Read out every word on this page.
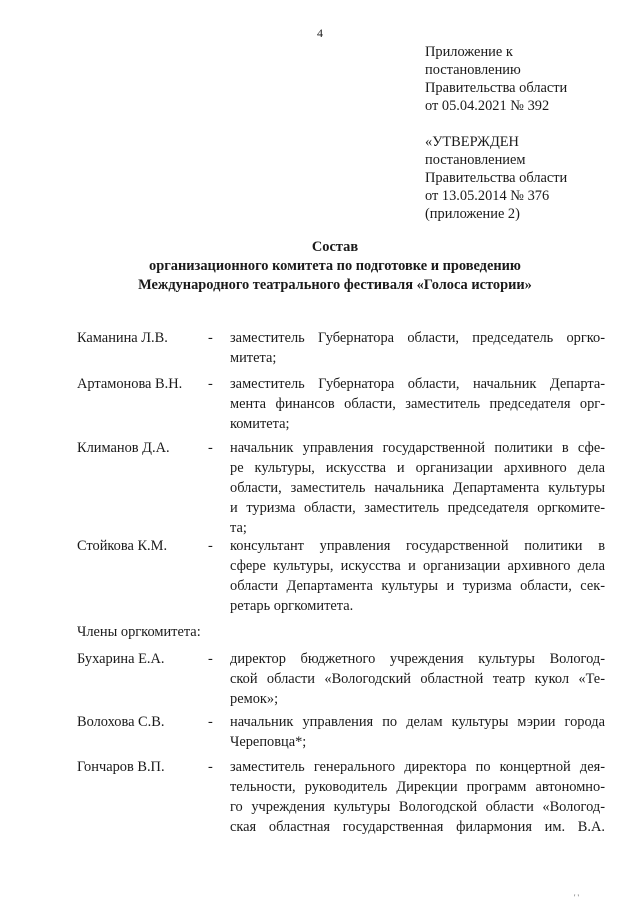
4
Приложение к
постановлению
Правительства области
от 05.04.2021 № 392
«УТВЕРЖДЕН
постановлением
Правительства области
от 13.05.2014 № 376
(приложение 2)
Состав
организационного комитета по подготовке и проведению
Международного театрального фестиваля «Голоса истории»
Каманина Л.В.	- заместитель Губернатора области, председатель оргко-
митета;
Артамонова В.Н. - заместитель Губернатора области, начальник Департа-
мента финансов области, заместитель председателя орг-
комитета;
Климанов Д.А.	- начальник управления государственной политики в сфе-
ре культуры, искусства и организации архивного дела
области, заместитель начальника Департамента культуры
и туризма области, заместитель председателя оргкомите-
та;
Стойкова К.М.	- консультант управления государственной политики в
сфере культуры, искусства и организации архивного дела
области Департамента культуры и туризма области, сек-
ретарь оргкомитета.
Члены оргкомитета:
Бухарина Е.А.	- директор бюджетного учреждения культуры Вологод-
ской области «Вологодский областной театр кукол «Те-
ремок»;
Волохова С.В.	- начальник управления по делам культуры мэрии города
Череповца*;
Гончаров В.П.	- заместитель генерального директора по концертной дея-
тельности, руководитель Дирекции программ автономно-
го учреждения культуры Вологодской области «Вологод-
ская областная государственная филармония им. В.А.
' '
